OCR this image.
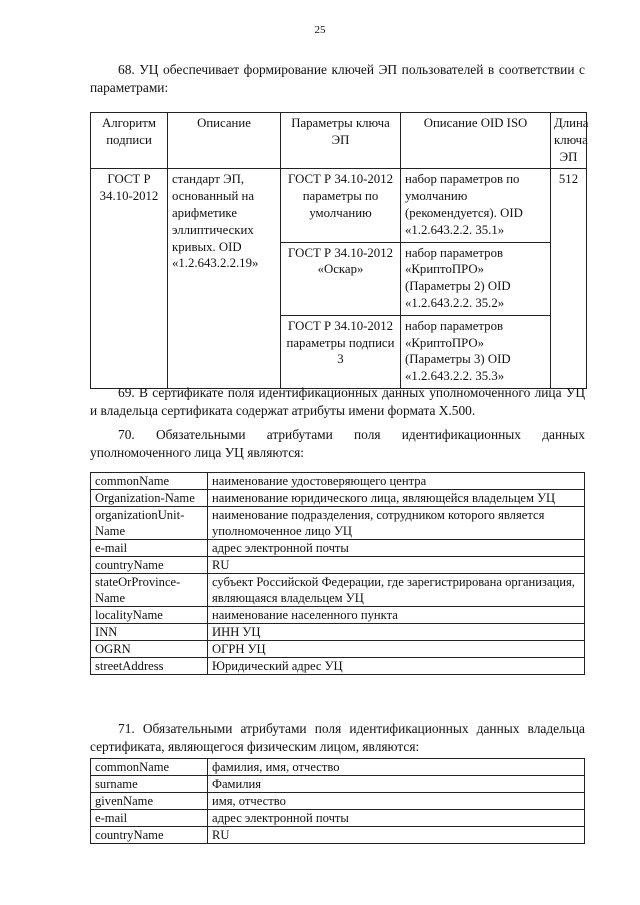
25

68. УЦ обеспечивает формирование ключей ЭП пользователей в соответствии с параметрами:

Алгоритм подписи	Описание	Параметры ключа ЭП	Описание OID ISO	Длина ключа ЭП
ГОСТ Р 34.10-2012	стандарт ЭП, основанный на арифметике эллиптических кривых. OID «1.2.643.2.2.19»	ГОСТ Р 34.10-2012 параметры по умолчанию	набор параметров по умолчанию (рекомендуется). OID «1.2.643.2.2. 35.1»	512
		ГОСТ Р 34.10-2012 «Оскар»	набор параметров «КриптоПРО» (Параметры 2) OID «1.2.643.2.2. 35.2»	
		ГОСТ Р 34.10-2012 параметры подписи 3	набор параметров «КриптоПРО» (Параметры 3) OID «1.2.643.2.2. 35.3»	

69. В сертификате поля идентификационных данных уполномоченного лица УЦ и владельца сертификата содержат атрибуты имени формата X.500.

70. Обязательными атрибутами поля идентификационных данных уполномоченного лица УЦ являются:

commonName	наименование удостоверяющего центра
Organization-Name	наименование юридического лица, являющейся владельцем УЦ
organizationUnit-Name	наименование подразделения, сотрудником которого является уполномоченное лицо УЦ
e-mail	адрес электронной почты
countryName	RU
stateOrProvince-Name	субъект Российской Федерации, где зарегистрирована организация, являющаяся владельцем УЦ
localityName	наименование населенного пункта
INN	ИНН УЦ
OGRN	ОГРН УЦ
streetAddress	Юридический адрес УЦ

71. Обязательными атрибутами поля идентификационных данных владельца сертификата, являющегося физическим лицом, являются:

commonName	фамилия, имя, отчество
surname	Фамилия
givenName	имя, отчество
e-mail	адрес электронной почты
countryName	RU
